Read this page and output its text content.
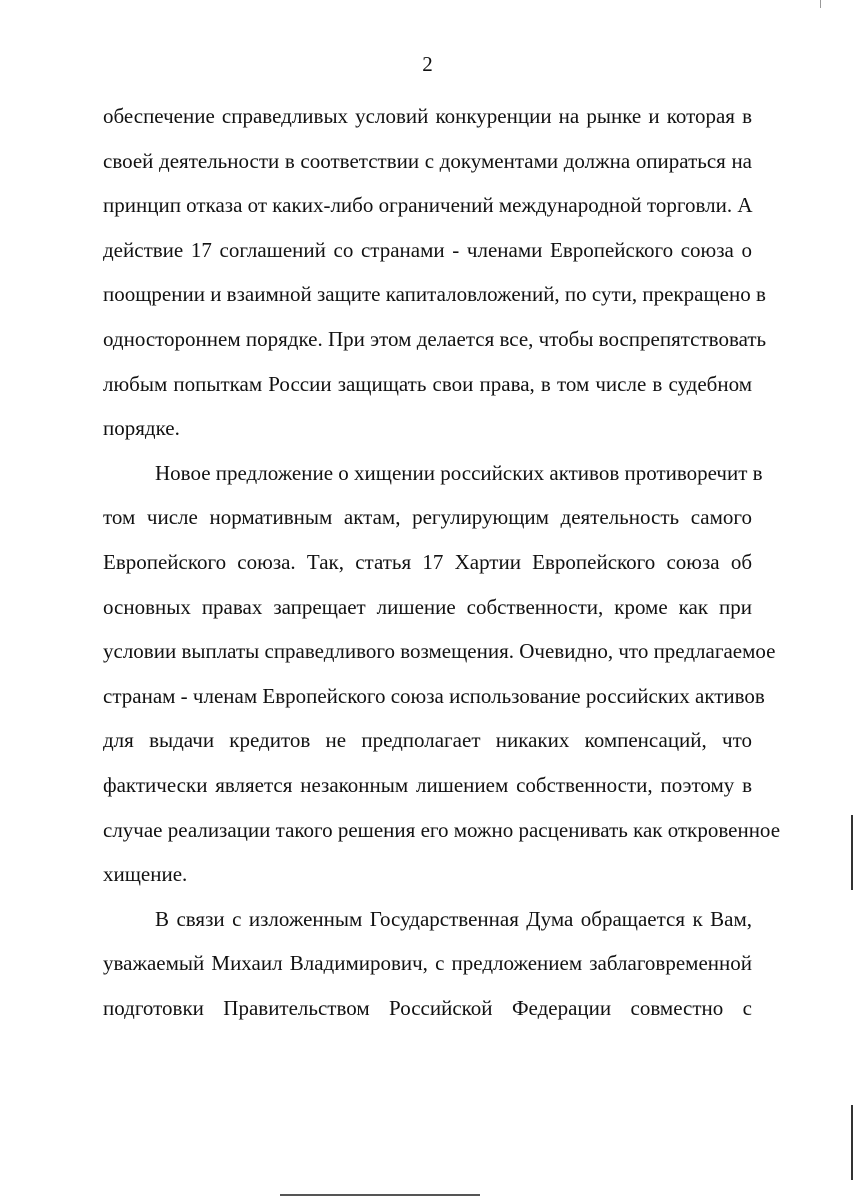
2
обеспечение справедливых условий конкуренции на рынке и которая в
своей деятельности в соответствии с документами должна опираться на
принцип отказа от каких-либо ограничений международной торговли. А
действие 17 соглашений со странами - членами Европейского союза о
поощрении и взаимной защите капиталовложений, по сути, прекращено в
одностороннем порядке. При этом делается все, чтобы воспрепятствовать
любым попыткам России защищать свои права, в том числе в судебном
порядке.
Новое предложение о хищении российских активов противоречит в
том числе нормативным актам, регулирующим деятельность самого
Европейского союза. Так, статья 17 Хартии Европейского союза об
основных правах запрещает лишение собственности, кроме как при
условии выплаты справедливого возмещения. Очевидно, что предлагаемое
странам - членам Европейского союза использование российских активов
для выдачи кредитов не предполагает никаких компенсаций, что
фактически является незаконным лишением собственности, поэтому в
случае реализации такого решения его можно расценивать как откровенное
хищение.
В связи с изложенным Государственная Дума обращается к Вам,
уважаемый Михаил Владимирович, с предложением заблаговременной
подготовки Правительством Российской Федерации совместно с
